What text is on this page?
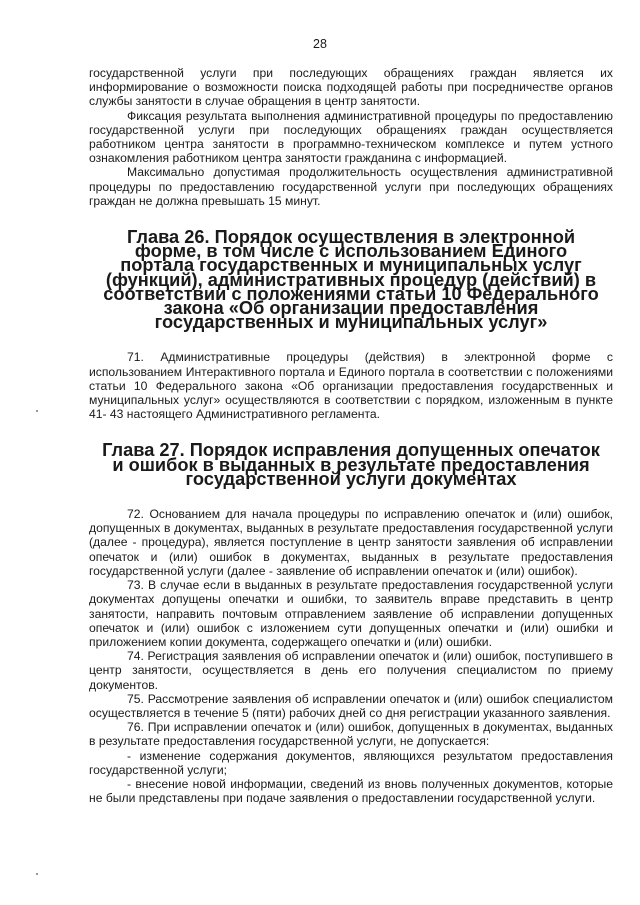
28

государственной услуги при последующих обращениях граждан является их информирование о возможности поиска подходящей работы при посредничестве органов службы занятости в случае обращения в центр занятости.

Фиксация результата выполнения административной процедуры по предоставлению государственной услуги при последующих обращениях граждан осуществляется работником центра занятости в программно-техническом комплексе и путем устного ознакомления работником центра занятости гражданина с информацией.

Максимально допустимая продолжительность осуществления административной процедуры по предоставлению государственной услуги при последующих обращениях граждан не должна превышать 15 минут.

Глава 26. Порядок осуществления в электронной форме, в том числе с использованием Единого портала государственных и муниципальных услуг (функций), административных процедур (действий) в соответствии с положениями статьи 10 Федерального закона «Об организации предоставления государственных и муниципальных услуг»

71. Административные процедуры (действия) в электронной форме с использованием Интерактивного портала и Единого портала в соответствии с положениями статьи 10 Федерального закона «Об организации предоставления государственных и муниципальных услуг» осуществляются в соответствии с порядком, изложенным в пункте 41- 43 настоящего Административного регламента.

Глава 27. Порядок исправления допущенных опечаток и ошибок в выданных в результате предоставления государственной услуги документах

72. Основанием для начала процедуры по исправлению опечаток и (или) ошибок, допущенных в документах, выданных в результате предоставления государственной услуги (далее - процедура), является поступление в центр занятости заявления об исправлении опечаток и (или) ошибок в документах, выданных в результате предоставления государственной услуги (далее - заявление об исправлении опечаток и (или) ошибок).

73. В случае если в выданных в результате предоставления государственной услуги документах допущены опечатки и ошибки, то заявитель вправе представить в центр занятости, направить почтовым отправлением заявление об исправлении допущенных опечаток и (или) ошибок с изложением сути допущенных опечатки и (или) ошибки и приложением копии документа, содержащего опечатки и (или) ошибки.

74. Регистрация заявления об исправлении опечаток и (или) ошибок, поступившего в центр занятости, осуществляется в день его получения специалистом по приему документов.

75. Рассмотрение заявления об исправлении опечаток и (или) ошибок специалистом осуществляется в течение 5 (пяти) рабочих дней со дня регистрации указанного заявления.

76. При исправлении опечаток и (или) ошибок, допущенных в документах, выданных в результате предоставления государственной услуги, не допускается:

- изменение содержания документов, являющихся результатом предоставления государственной услуги;

- внесение новой информации, сведений из вновь полученных документов, которые не были представлены при подаче заявления о предоставлении государственной услуги.
